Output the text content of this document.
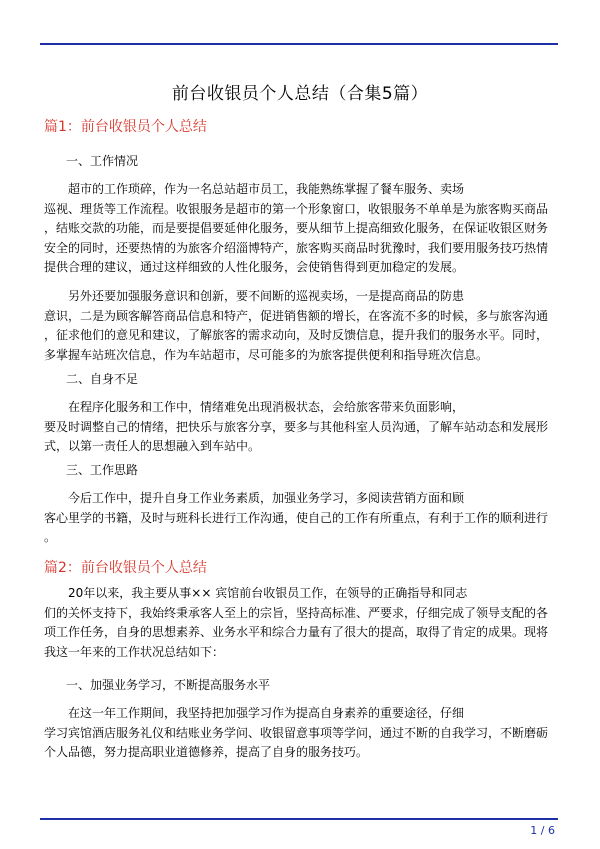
前台收银员个人总结（合集5篇）
篇1：前台收银员个人总结
一、工作情况
　　超市的工作琐碎，作为一名总站超市员工，我能熟练掌握了餐车服务、卖场
巡视、理货等工作流程。收银服务是超市的第一个形象窗口，收银服务不单单是为旅客购买商品
，结账交款的功能，而是要提倡要延伸化服务，要从细节上提高细致化服务，在保证收银区财务
安全的同时，还要热情的为旅客介绍淄博特产，旅客购买商品时犹豫时，我们要用服务技巧热情
提供合理的建议，通过这样细致的人性化服务，会使销售得到更加稳定的发展。
　　另外还要加强服务意识和创新，要不间断的巡视卖场，一是提高商品的防患
意识，二是为顾客解答商品信息和特产，促进销售额的增长，在客流不多的时候，多与旅客沟通
，征求他们的意见和建议，了解旅客的需求动向，及时反馈信息，提升我们的服务水平。同时，
多掌握车站班次信息，作为车站超市，尽可能多的为旅客提供便利和指导班次信息。
二、自身不足
　　在程序化服务和工作中，情绪难免出现消极状态，会给旅客带来负面影响，
要及时调整自己的情绪，把快乐与旅客分享，要多与其他科室人员沟通，了解车站动态和发展形
式，以第一责任人的思想融入到车站中。
三、工作思路
　　今后工作中，提升自身工作业务素质，加强业务学习，多阅读营销方面和顾
客心里学的书籍，及时与班科长进行工作沟通，使自己的工作有所重点，有利于工作的顺利进行
。
篇2：前台收银员个人总结
　　20年以来，我主要从事×× 宾馆前台收银员工作，在领导的正确指导和同志
们的关怀支持下，我始终秉承客人至上的宗旨，坚持高标准、严要求，仔细完成了领导支配的各
项工作任务，自身的思想素养、业务水平和综合力量有了很大的提高，取得了肯定的成果。现将
我这一年来的工作状况总结如下：
一、加强业务学习，不断提高服务水平
　　在这一年工作期间，我坚持把加强学习作为提高自身素养的重要途径，仔细
学习宾馆酒店服务礼仪和结账业务学问、收银留意事项等学问，通过不断的自我学习，不断磨砺
个人品德，努力提高职业道德修养，提高了自身的服务技巧。
1 / 6
